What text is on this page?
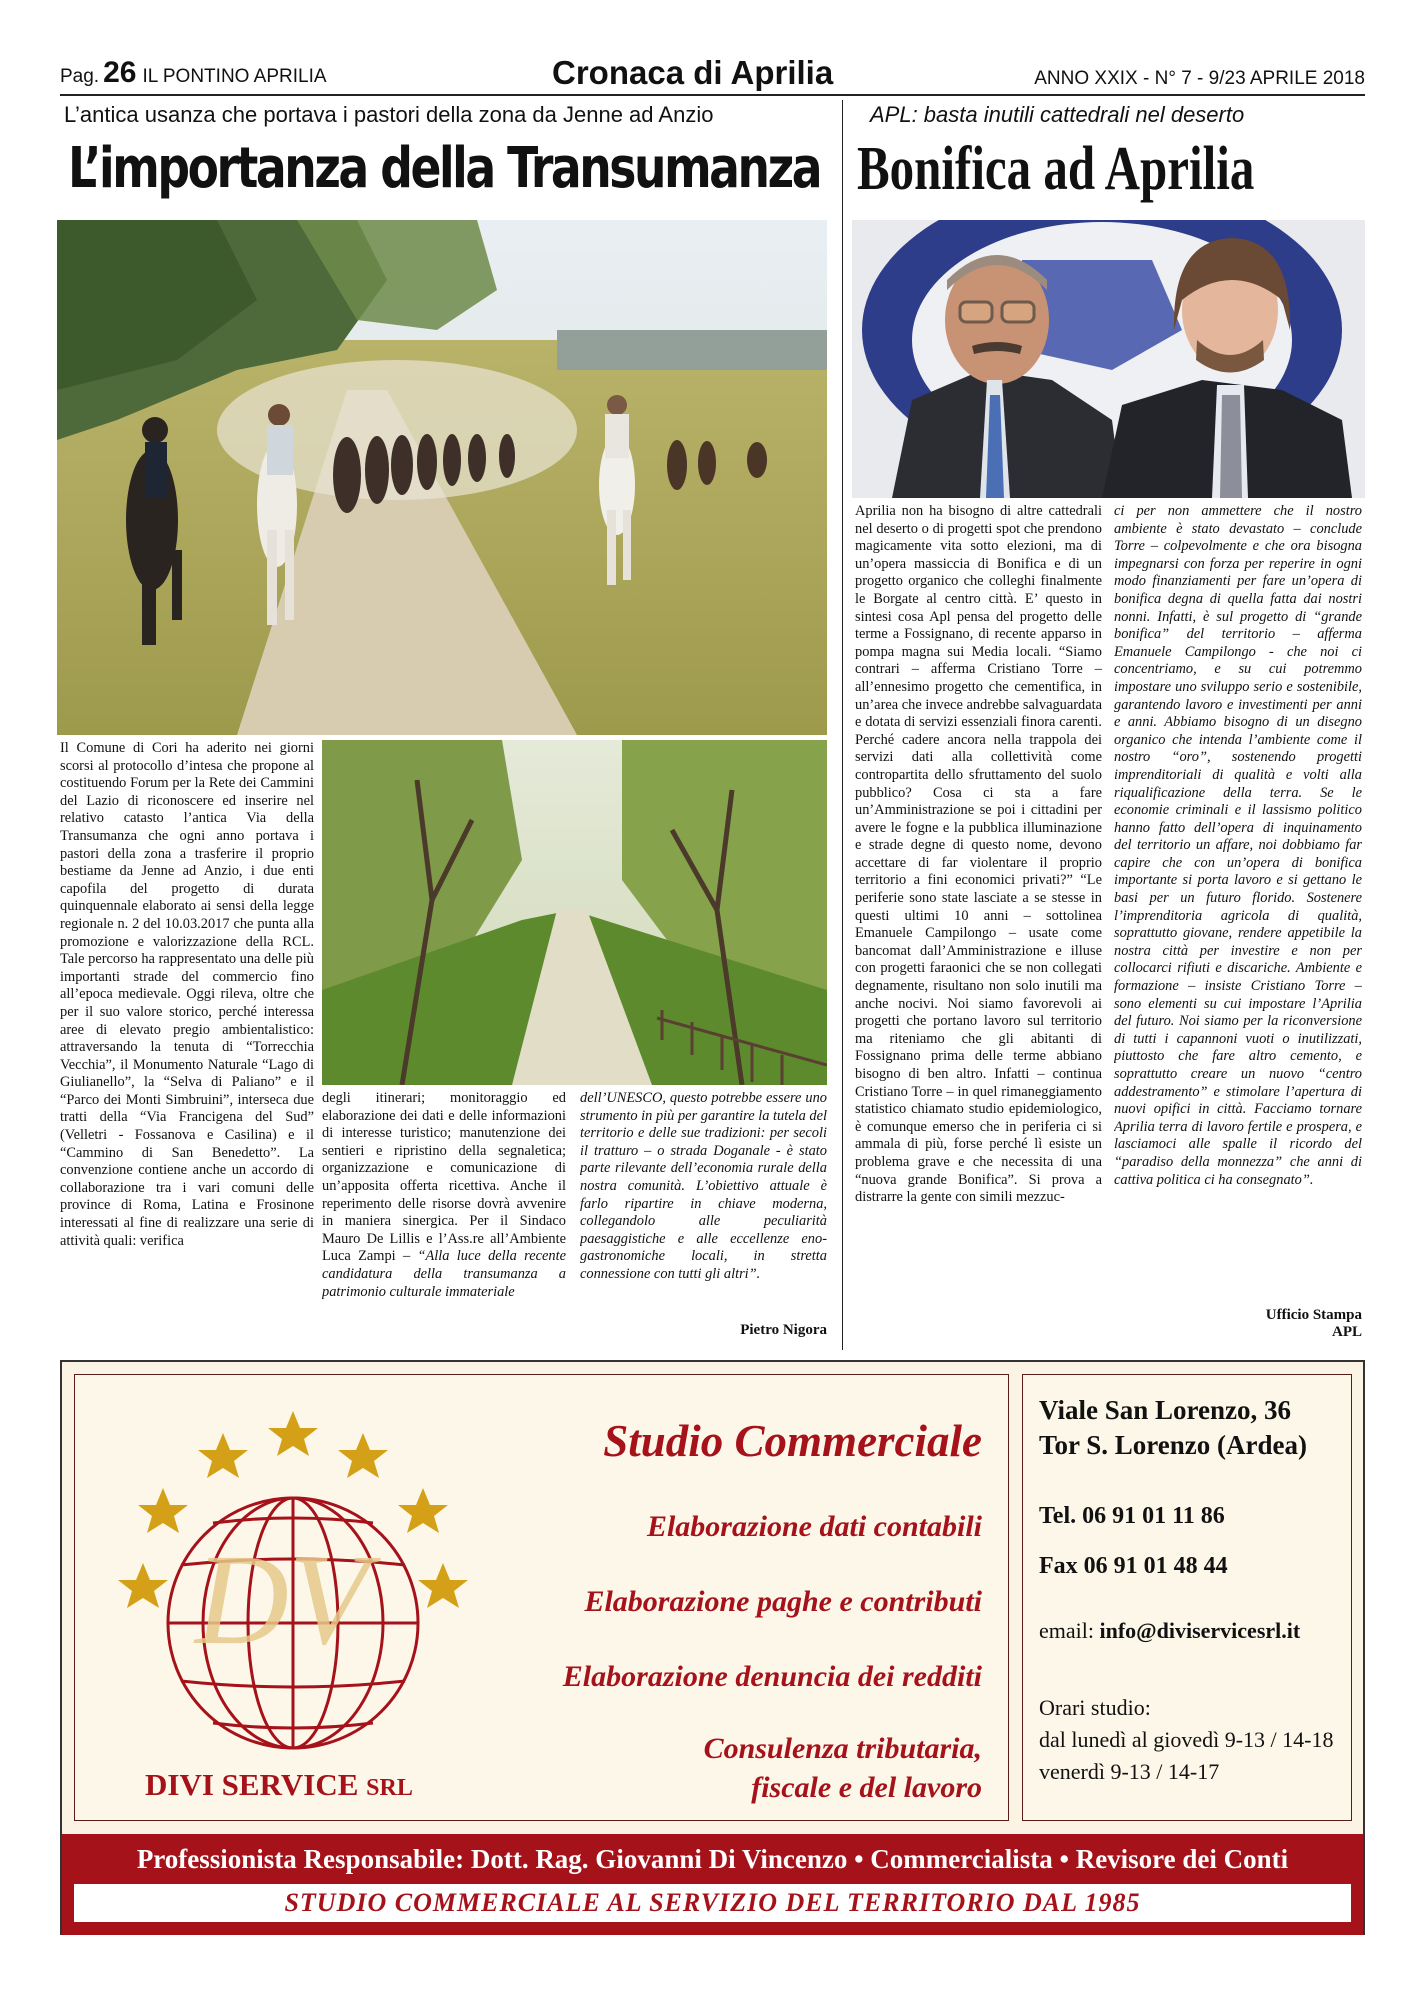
Pag. 26 IL PONTINO APRILIA	Cronaca di Aprilia	ANNO XXIX - N° 7 - 9/23 APRILE 2018
L’antica usanza che portava i pastori della zona da Jenne ad Anzio
L’importanza della Transumanza
Il Comune di Cori ha aderito nei giorni scorsi al protocollo d’intesa che propone al costituendo Forum per la Rete dei Cammini del Lazio di riconoscere ed inserire nel relativo catasto l’antica Via della Transumanza che ogni anno portava i pastori della zona a trasferire il proprio bestiame da Jenne ad Anzio, i due enti capofila del progetto di durata quinquennale elaborato ai sensi della legge regionale n. 2 del 10.03.2017 che punta alla promozione e valorizzazione della RCL. Tale percorso ha rappresentato una delle più importanti strade del commercio fino all’epoca medievale. Oggi rileva, oltre che per il suo valore storico, perché interessa aree di elevato pregio ambientalistico: attraversando la tenuta di “Torrecchia Vecchia”, il Monumento Naturale “Lago di Giulianello”, la “Selva di Paliano” e il “Parco dei Monti Simbruini”, interseca due tratti della “Via Francigena del Sud” (Velletri - Fossanova e Casilina) e il “Cammino di San Benedetto”. La convenzione contiene anche un accordo di collaborazione tra i vari comuni delle province di Roma, Latina e Frosinone interessati al fine di realizzare una serie di attività quali: verifica
degli itinerari; monitoraggio ed elaborazione dei dati e delle informazioni di interesse turistico; manutenzione dei sentieri e ripristino della segnaletica; organizzazione e comunicazione di un’apposita offerta ricettiva. Anche il reperimento delle risorse dovrà avvenire in maniera sinergica. Per il Sindaco Mauro De Lillis e l’Ass.re all’Ambiente Luca Zampi – “Alla luce della recente candidatura della transumanza a patrimonio culturale immateriale
dell’UNESCO, questo potrebbe essere uno strumento in più per garantire la tutela del territorio e delle sue tradizioni: per secoli il tratturo – o strada Doganale - è stato parte rilevante dell’economia rurale della nostra comunità. L’obiettivo attuale è farlo ripartire in chiave moderna, collegandolo alle peculiarità paesaggistiche e alle eccellenze eno-gastronomiche locali, in stretta connessione con tutti gli altri”.
Pietro Nigora
APL: basta inutili cattedrali nel deserto
Bonifica ad Aprilia
Aprilia non ha bisogno di altre cattedrali nel deserto o di progetti spot che prendono magicamente vita sotto elezioni, ma di un’opera massiccia di Bonifica e di un progetto organico che colleghi finalmente le Borgate al centro città. E’ questo in sintesi cosa Apl pensa del progetto delle terme a Fossignano, di recente apparso in pompa magna sui Media locali. “Siamo contrari – afferma Cristiano Torre – all’ennesimo progetto che cementifica, in un’area che invece andrebbe salvaguardata e dotata di servizi essenziali finora carenti. Perché cadere ancora nella trappola dei servizi dati alla collettività come contropartita dello sfruttamento del suolo pubblico? Cosa ci sta a fare un’Amministrazione se poi i cittadini per avere le fogne e la pubblica illuminazione e strade degne di questo nome, devono accettare di far violentare il proprio territorio a fini economici privati?” “Le periferie sono state lasciate a se stesse in questi ultimi 10 anni – sottolinea Emanuele Campilongo – usate come bancomat dall’Amministrazione e illuse con progetti faraonici che se non collegati degnamente, risultano non solo inutili ma anche nocivi. Noi siamo favorevoli ai progetti che portano lavoro sul territorio ma riteniamo che gli abitanti di Fossignano prima delle terme abbiano bisogno di ben altro. Infatti – continua Cristiano Torre – in quel rimaneggiamento statistico chiamato studio epidemiologico, è comunque emerso che in periferia ci si ammala di più, forse perché lì esiste un problema grave e che necessita di una “nuova grande Bonifica”. Si prova a distrarre la gente con simili mezzuc-
ci per non ammettere che il nostro ambiente è stato devastato – conclude Torre – colpevolmente e che ora bisogna impegnarsi con forza per reperire in ogni modo finanziamenti per fare un’opera di bonifica degna di quella fatta dai nostri nonni. Infatti, è sul progetto di “grande bonifica” del territorio – afferma Emanuele Campilongo - che noi ci concentriamo, e su cui potremmo impostare uno sviluppo serio e sostenibile, garantendo lavoro e investimenti per anni e anni. Abbiamo bisogno di un disegno organico che intenda l’ambiente come il nostro “oro”, sostenendo progetti imprenditoriali di qualità e volti alla riqualificazione della terra. Se le economie criminali e il lassismo politico hanno fatto dell’opera di inquinamento del territorio un affare, noi dobbiamo far capire che con un’opera di bonifica importante si porta lavoro e si gettano le basi per un futuro florido. Sostenere l’imprenditoria agricola di qualità, soprattutto giovane, rendere appetibile la nostra città per investire e non per collocarci rifiuti e discariche. Ambiente e formazione – insiste Cristiano Torre – sono elementi su cui impostare l’Aprilia del futuro. Noi siamo per la riconversione di tutti i capannoni vuoti o inutilizzati, piuttosto che fare altro cemento, e soprattutto creare un nuovo “centro addestramento” e stimolare l’apertura di nuovi opifici in città. Facciamo tornare Aprilia terra di lavoro fertile e prospera, e lasciamoci alle spalle il ricordo del “paradiso della monnezza” che anni di cattiva politica ci ha consegnato”.
Ufficio Stampa
APL
DV
DIVI SERVICE SRL
Studio Commerciale
Elaborazione dati contabili
Elaborazione paghe e contributi
Elaborazione denuncia dei redditi
Consulenza tributaria,
fiscale e del lavoro
Viale San Lorenzo, 36
Tor S. Lorenzo (Ardea)
Tel. 06 91 01 11 86
Fax 06 91 01 48 44
email: info@diviservicesrl.it
Orari studio:
dal lunedì al giovedì 9-13 / 14-18
venerdì 9-13 / 14-17
Professionista Responsabile: Dott. Rag. Giovanni Di Vincenzo • Commercialista • Revisore dei Conti
STUDIO COMMERCIALE AL SERVIZIO DEL TERRITORIO DAL 1985
